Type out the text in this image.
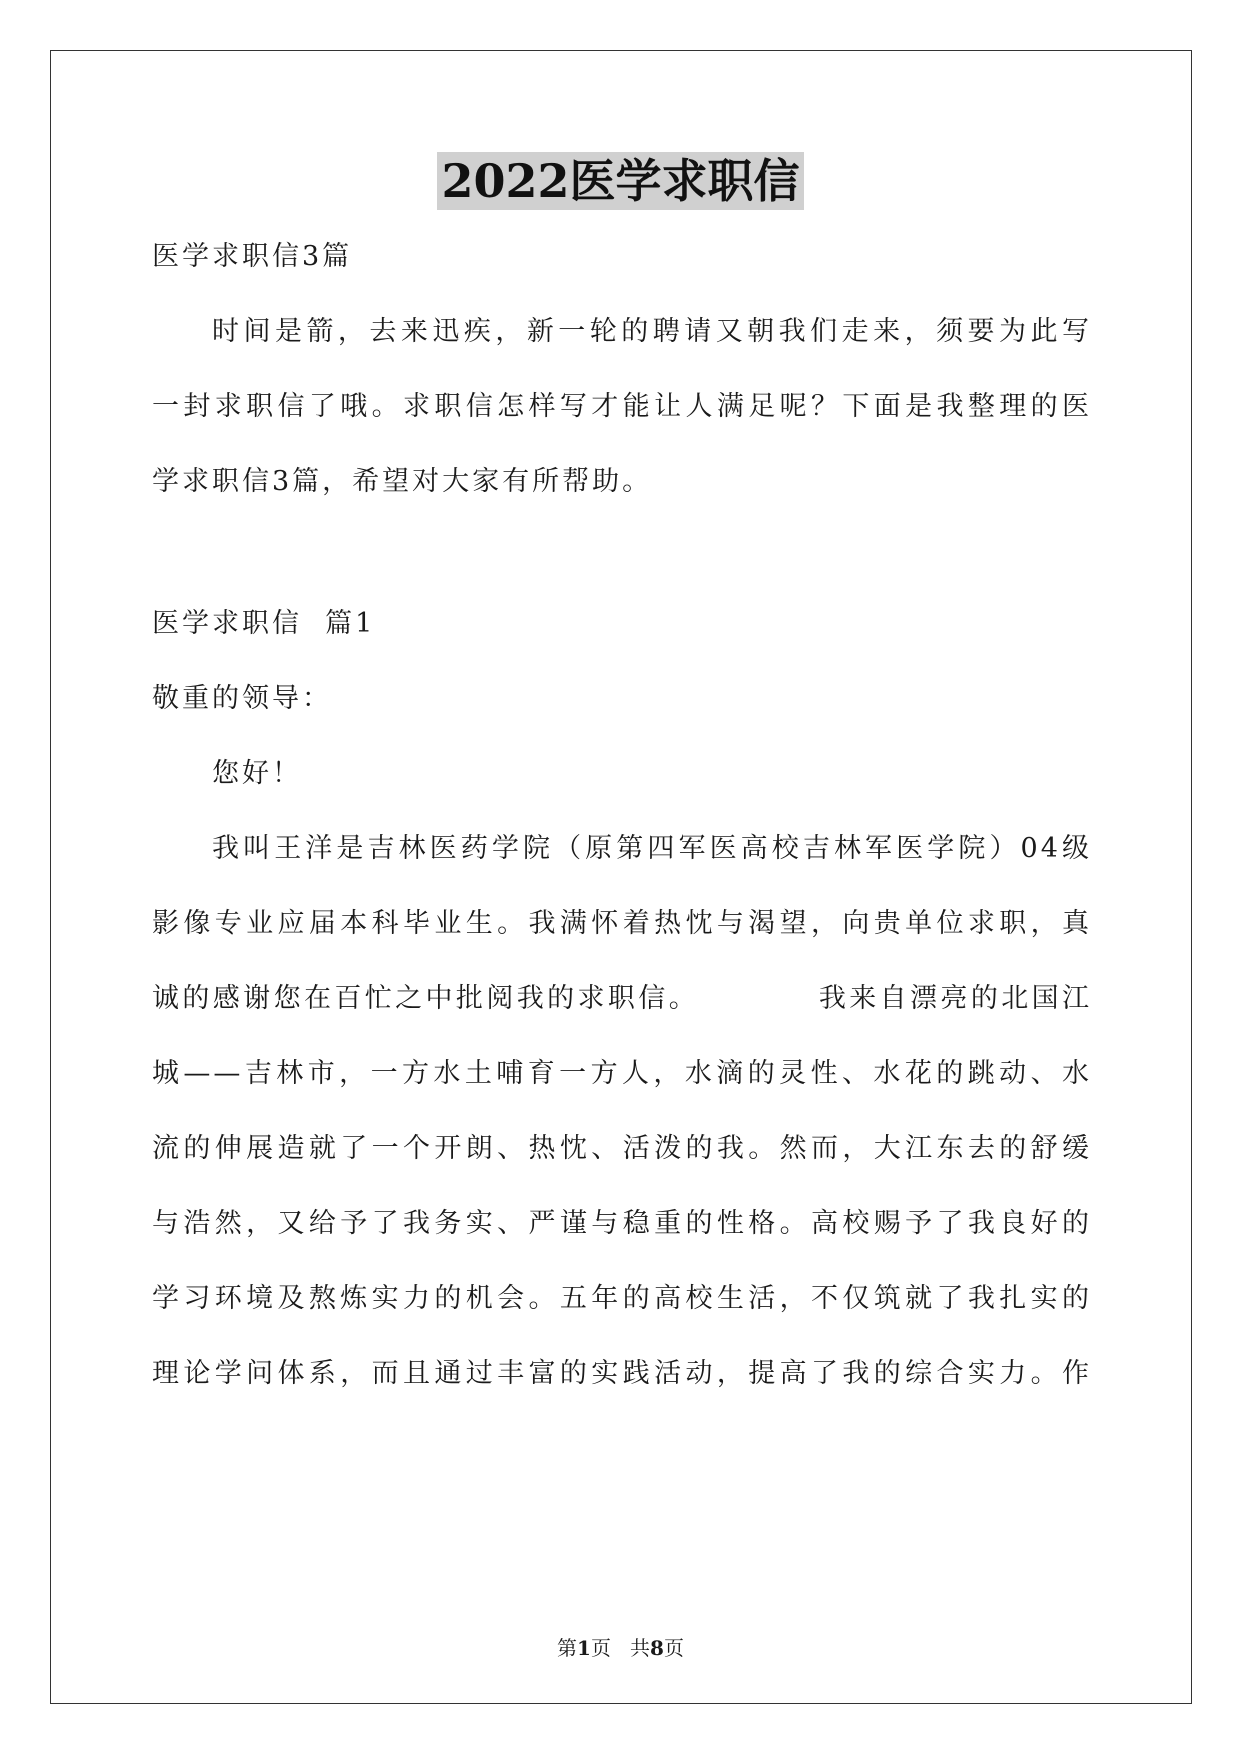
2022医学求职信
医学求职信3篇
时间是箭，去来迅疾，新一轮的聘请又朝我们走来，须要为此写
一封求职信了哦。求职信怎样写才能让人满足呢？下面是我整理的医
学求职信3篇，希望对大家有所帮助。
医学求职信  篇1
敬重的领导：
您好！
我叫王洋是吉林医药学院（原第四军医高校吉林军医学院）04级
影像专业应届本科毕业生。我满怀着热忱与渴望，向贵单位求职，真
诚的感谢您在百忙之中批阅我的求职信。          我来自漂亮的北国江
城——吉林市，一方水土哺育一方人，水滴的灵性、水花的跳动、水
流的伸展造就了一个开朗、热忱、活泼的我。然而，大江东去的舒缓
与浩然，又给予了我务实、严谨与稳重的性格。高校赐予了我良好的
学习环境及熬炼实力的机会。五年的高校生活，不仅筑就了我扎实的
理论学问体系，而且通过丰富的实践活动，提高了我的综合实力。作
第1页   共8页
